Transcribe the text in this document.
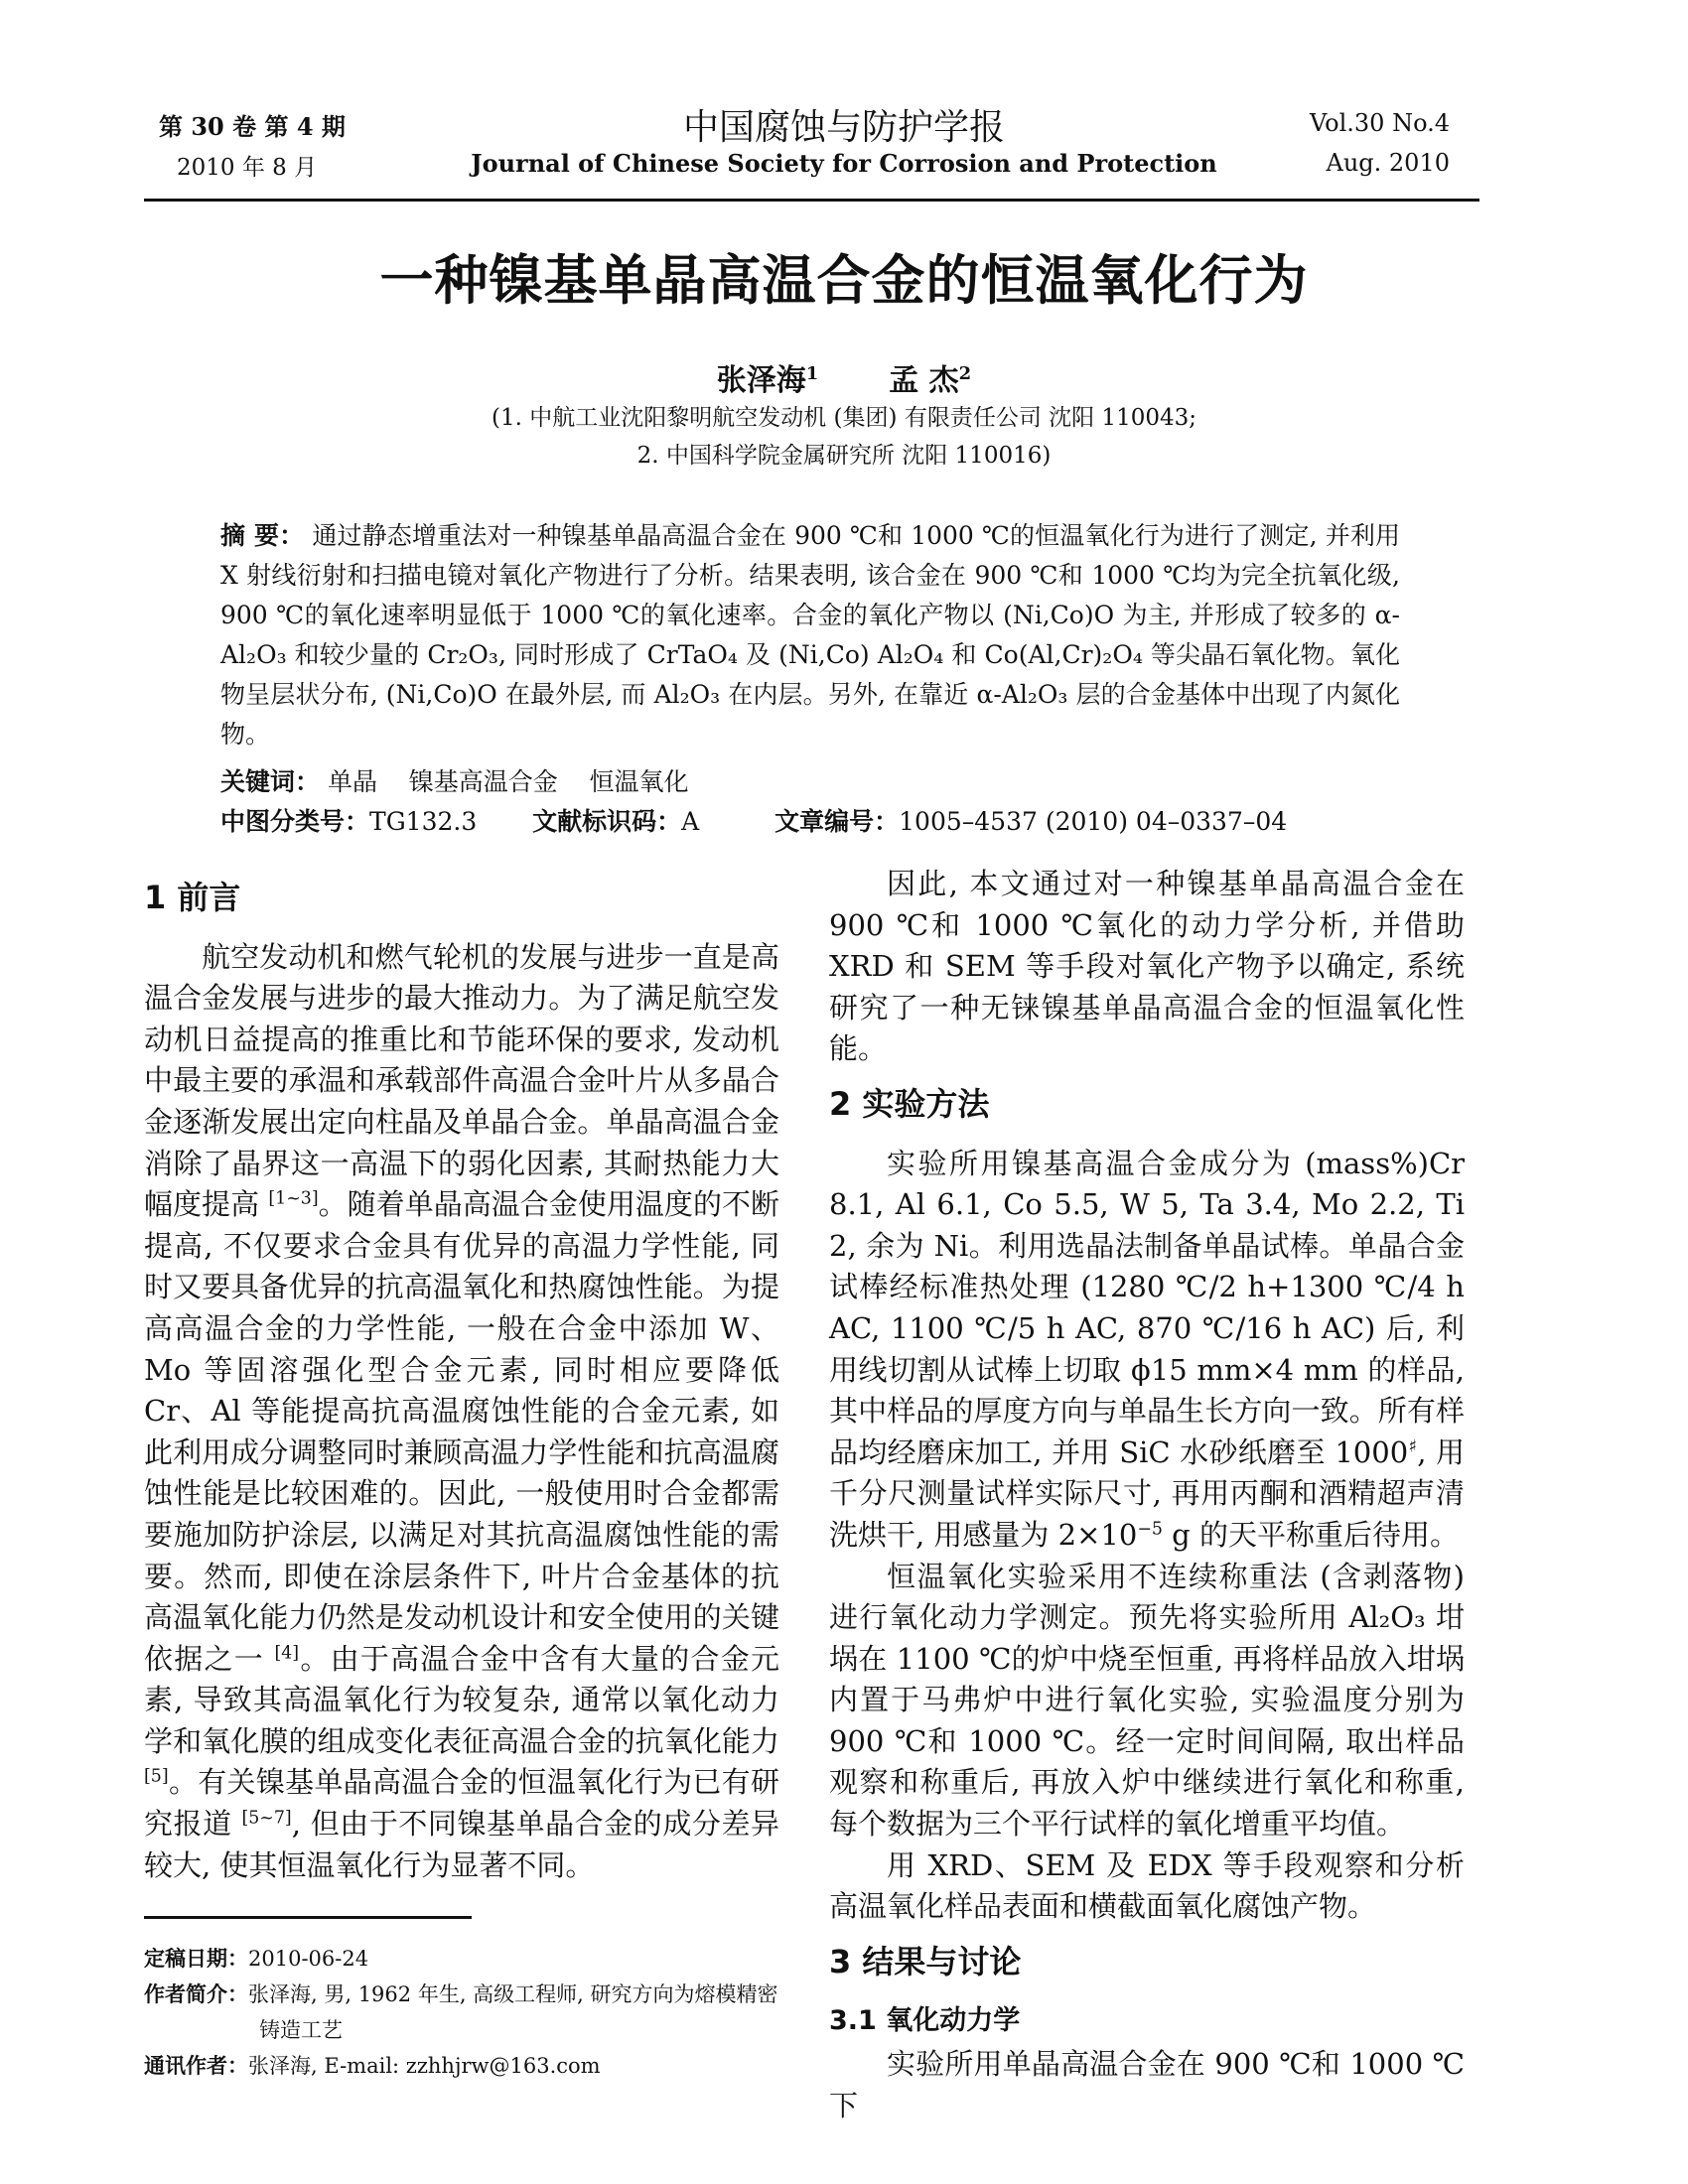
第 30 卷 第 4 期
2010 年 8 月
中国腐蚀与防护学报
Journal of Chinese Society for Corrosion and Protection
Vol.30 No.4
Aug. 2010
一种镍基单晶高温合金的恒温氧化行为
张泽海$^1$ 孟 杰$^2$
(1. 中航工业沈阳黎明航空发动机 (集团) 有限责任公司 沈阳 110043;
2. 中国科学院金属研究所 沈阳 110016)
摘 要： 通过静态增重法对一种镍基单晶高温合金在 900 ℃和 1000 ℃的恒温氧化行为进行了测定, 并利用 X 射线衍射和扫描电镜对氧化产物进行了分析。结果表明, 该合金在 900 ℃和 1000 ℃均为完全抗氧化级, 900 ℃的氧化速率明显低于 1000 ℃的氧化速率。合金的氧化产物以 (Ni,Co)O 为主, 并形成了较多的 α-Al₂O₃ 和较少量的 Cr₂O₃, 同时形成了 CrTaO₄ 及 (Ni,Co) Al₂O₄ 和 Co(Al,Cr)₂O₄ 等尖晶石氧化物。氧化物呈层状分布, (Ni,Co)O 在最外层, 而 Al₂O₃ 在内层。另外, 在靠近 α-Al₂O₃ 层的合金基体中出现了内氮化物。
关键词： 单晶    镍基高温合金    恒温氧化
中图分类号：TG132.3 文献标识码：A	文章编号：1005–4537 (2010) 04–0337–04
1 前言

航空发动机和燃气轮机的发展与进步一直是高温合金发展与进步的最大推动力。为了满足航空发动机日益提高的推重比和节能环保的要求, 发动机中最主要的承温和承载部件高温合金叶片从多晶合金逐渐发展出定向柱晶及单晶合金。单晶高温合金消除了晶界这一高温下的弱化因素, 其耐热能力大幅度提高 [1~3]。随着单晶高温合金使用温度的不断提高, 不仅要求合金具有优异的高温力学性能, 同时又要具备优异的抗高温氧化和热腐蚀性能。为提高高温合金的力学性能, 一般在合金中添加 W、Mo 等固溶强化型合金元素, 同时相应要降低 Cr、Al 等能提高抗高温腐蚀性能的合金元素, 如此利用成分调整同时兼顾高温力学性能和抗高温腐蚀性能是比较困难的。因此, 一般使用时合金都需要施加防护涂层, 以满足对其抗高温腐蚀性能的需要。然而, 即使在涂层条件下, 叶片合金基体的抗高温氧化能力仍然是发动机设计和安全使用的关键依据之一 [4]。由于高温合金中含有大量的合金元素, 导致其高温氧化行为较复杂, 通常以氧化动力学和氧化膜的组成变化表征高温合金的抗氧化能力 [5]。有关镍基单晶高温合金的恒温氧化行为已有研究报道 [5~7], 但由于不同镍基单晶合金的成分差异较大, 使其恒温氧化行为显著不同。

定稿日期：2010-06-24
作者简介：张泽海, 男, 1962 年生, 高级工程师, 研究方向为熔模精密铸造工艺
通讯作者：张泽海, E-mail: zzhhjrw@163.com

因此, 本文通过对一种镍基单晶高温合金在 900 ℃和 1000 ℃氧化的动力学分析, 并借助 XRD 和 SEM 等手段对氧化产物予以确定, 系统研究了一种无铼镍基单晶高温合金的恒温氧化性能。

2 实验方法

实验所用镍基高温合金成分为 (mass%)Cr 8.1, Al 6.1, Co 5.5, W 5, Ta 3.4, Mo 2.2, Ti 2, 余为 Ni。利用选晶法制备单晶试棒。单晶合金试棒经标准热处理 (1280 ℃/2 h+1300 ℃/4 h AC, 1100 ℃/5 h AC, 870 ℃/16 h AC) 后, 利用线切割从试棒上切取 ϕ15 mm×4 mm 的样品, 其中样品的厚度方向与单晶生长方向一致。所有样品均经磨床加工, 并用 SiC 水砂纸磨至 1000♯, 用千分尺测量试样实际尺寸, 再用丙酮和酒精超声清洗烘干, 用感量为 $2\times 10^{-5}$ g 的天平称重后待用。

恒温氧化实验采用不连续称重法 (含剥落物) 进行氧化动力学测定。预先将实验所用 Al₂O₃ 坩埚在 1100 ℃的炉中烧至恒重, 再将样品放入坩埚内置于马弗炉中进行氧化实验, 实验温度分别为 900 ℃和 1000 ℃。经一定时间间隔, 取出样品观察和称重后, 再放入炉中继续进行氧化和称重, 每个数据为三个平行试样的氧化增重平均值。

用 XRD、SEM 及 EDX 等手段观察和分析高温氧化样品表面和横截面氧化腐蚀产物。

3 结果与讨论
3.1 氧化动力学

实验所用单晶高温合金在 900 ℃和 1000 ℃下
